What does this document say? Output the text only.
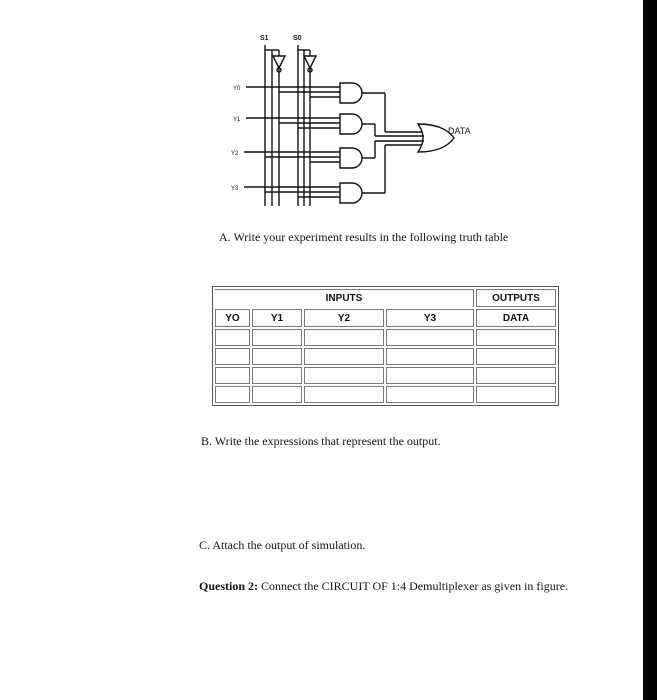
S1	S0
Y0
Y1
Y2
Y3
DATA
A. Write your experiment results in the following truth table
INPUTS				OUTPUTS
YO	Y1	Y2	Y3	DATA

B. Write the expressions that represent the output.
C. Attach the output of simulation.
Question 2: Connect the CIRCUIT OF 1:4 Demultiplexer as given in figure.
